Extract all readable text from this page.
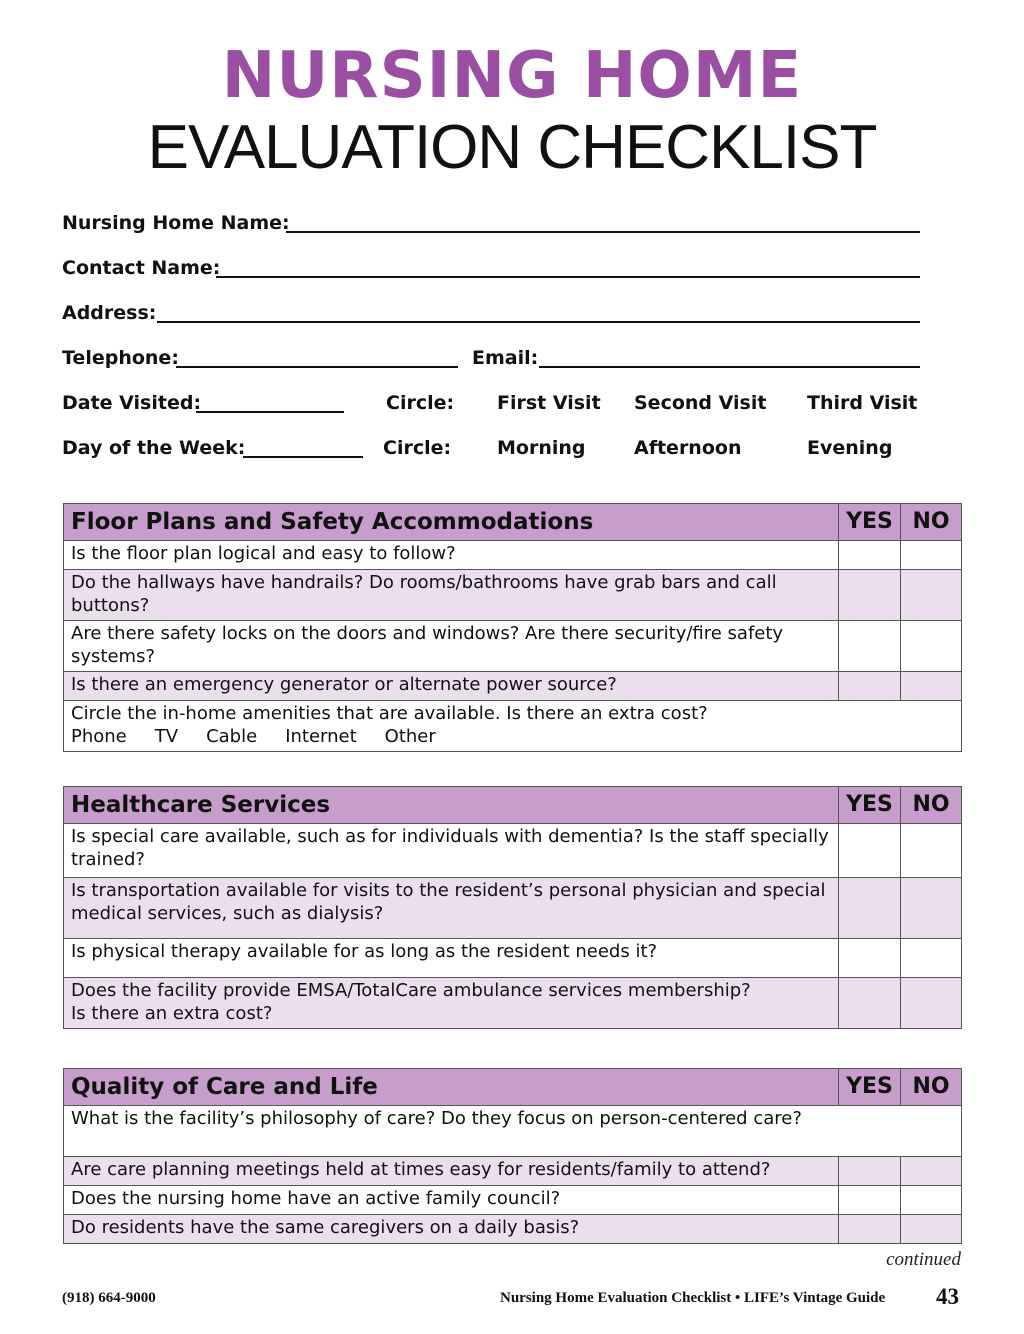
NURSING HOME
EVALUATION CHECKLIST
Nursing Home Name:
Contact Name:
Address:
Telephone:	Email:
Date Visited:	Circle: First Visit Second Visit Third Visit
Day of the Week:	Circle: Morning	Afternoon	Evening
Floor Plans and Safety Accommodations	YES	NO
Is the floor plan logical and easy to follow?		
Do the hallways have handrails? Do rooms/bathrooms have grab bars and call buttons?		
Are there safety locks on the doors and windows? Are there security/fire safety systems?		
Is there an emergency generator or alternate power source?		

Circle the in-home amenities that are available. Is there an extra cost?
Phone TV Cable Internet Other		
Healthcare Services	YES	NO
Is special care available, such as for individuals with dementia? Is the staff specially trained?		
Is transportation available for visits to the resident’s personal physician and special medical services, such as dialysis?		
Is physical therapy available for as long as the resident needs it?		

Does the facility provide EMSA/TotalCare ambulance services membership?
Is there an extra cost?		

Quality of Care and Life	YES	NO
What is the facility’s philosophy of care? Do they focus on person-centered care?		
Are care planning meetings held at times easy for residents/family to attend?		
Does the nursing home have an active family council?		
Do residents have the same caregivers on a daily basis?		
continued
(918) 664-9000	Nursing Home Evaluation Checklist • LIFE’s Vintage Guide 43
